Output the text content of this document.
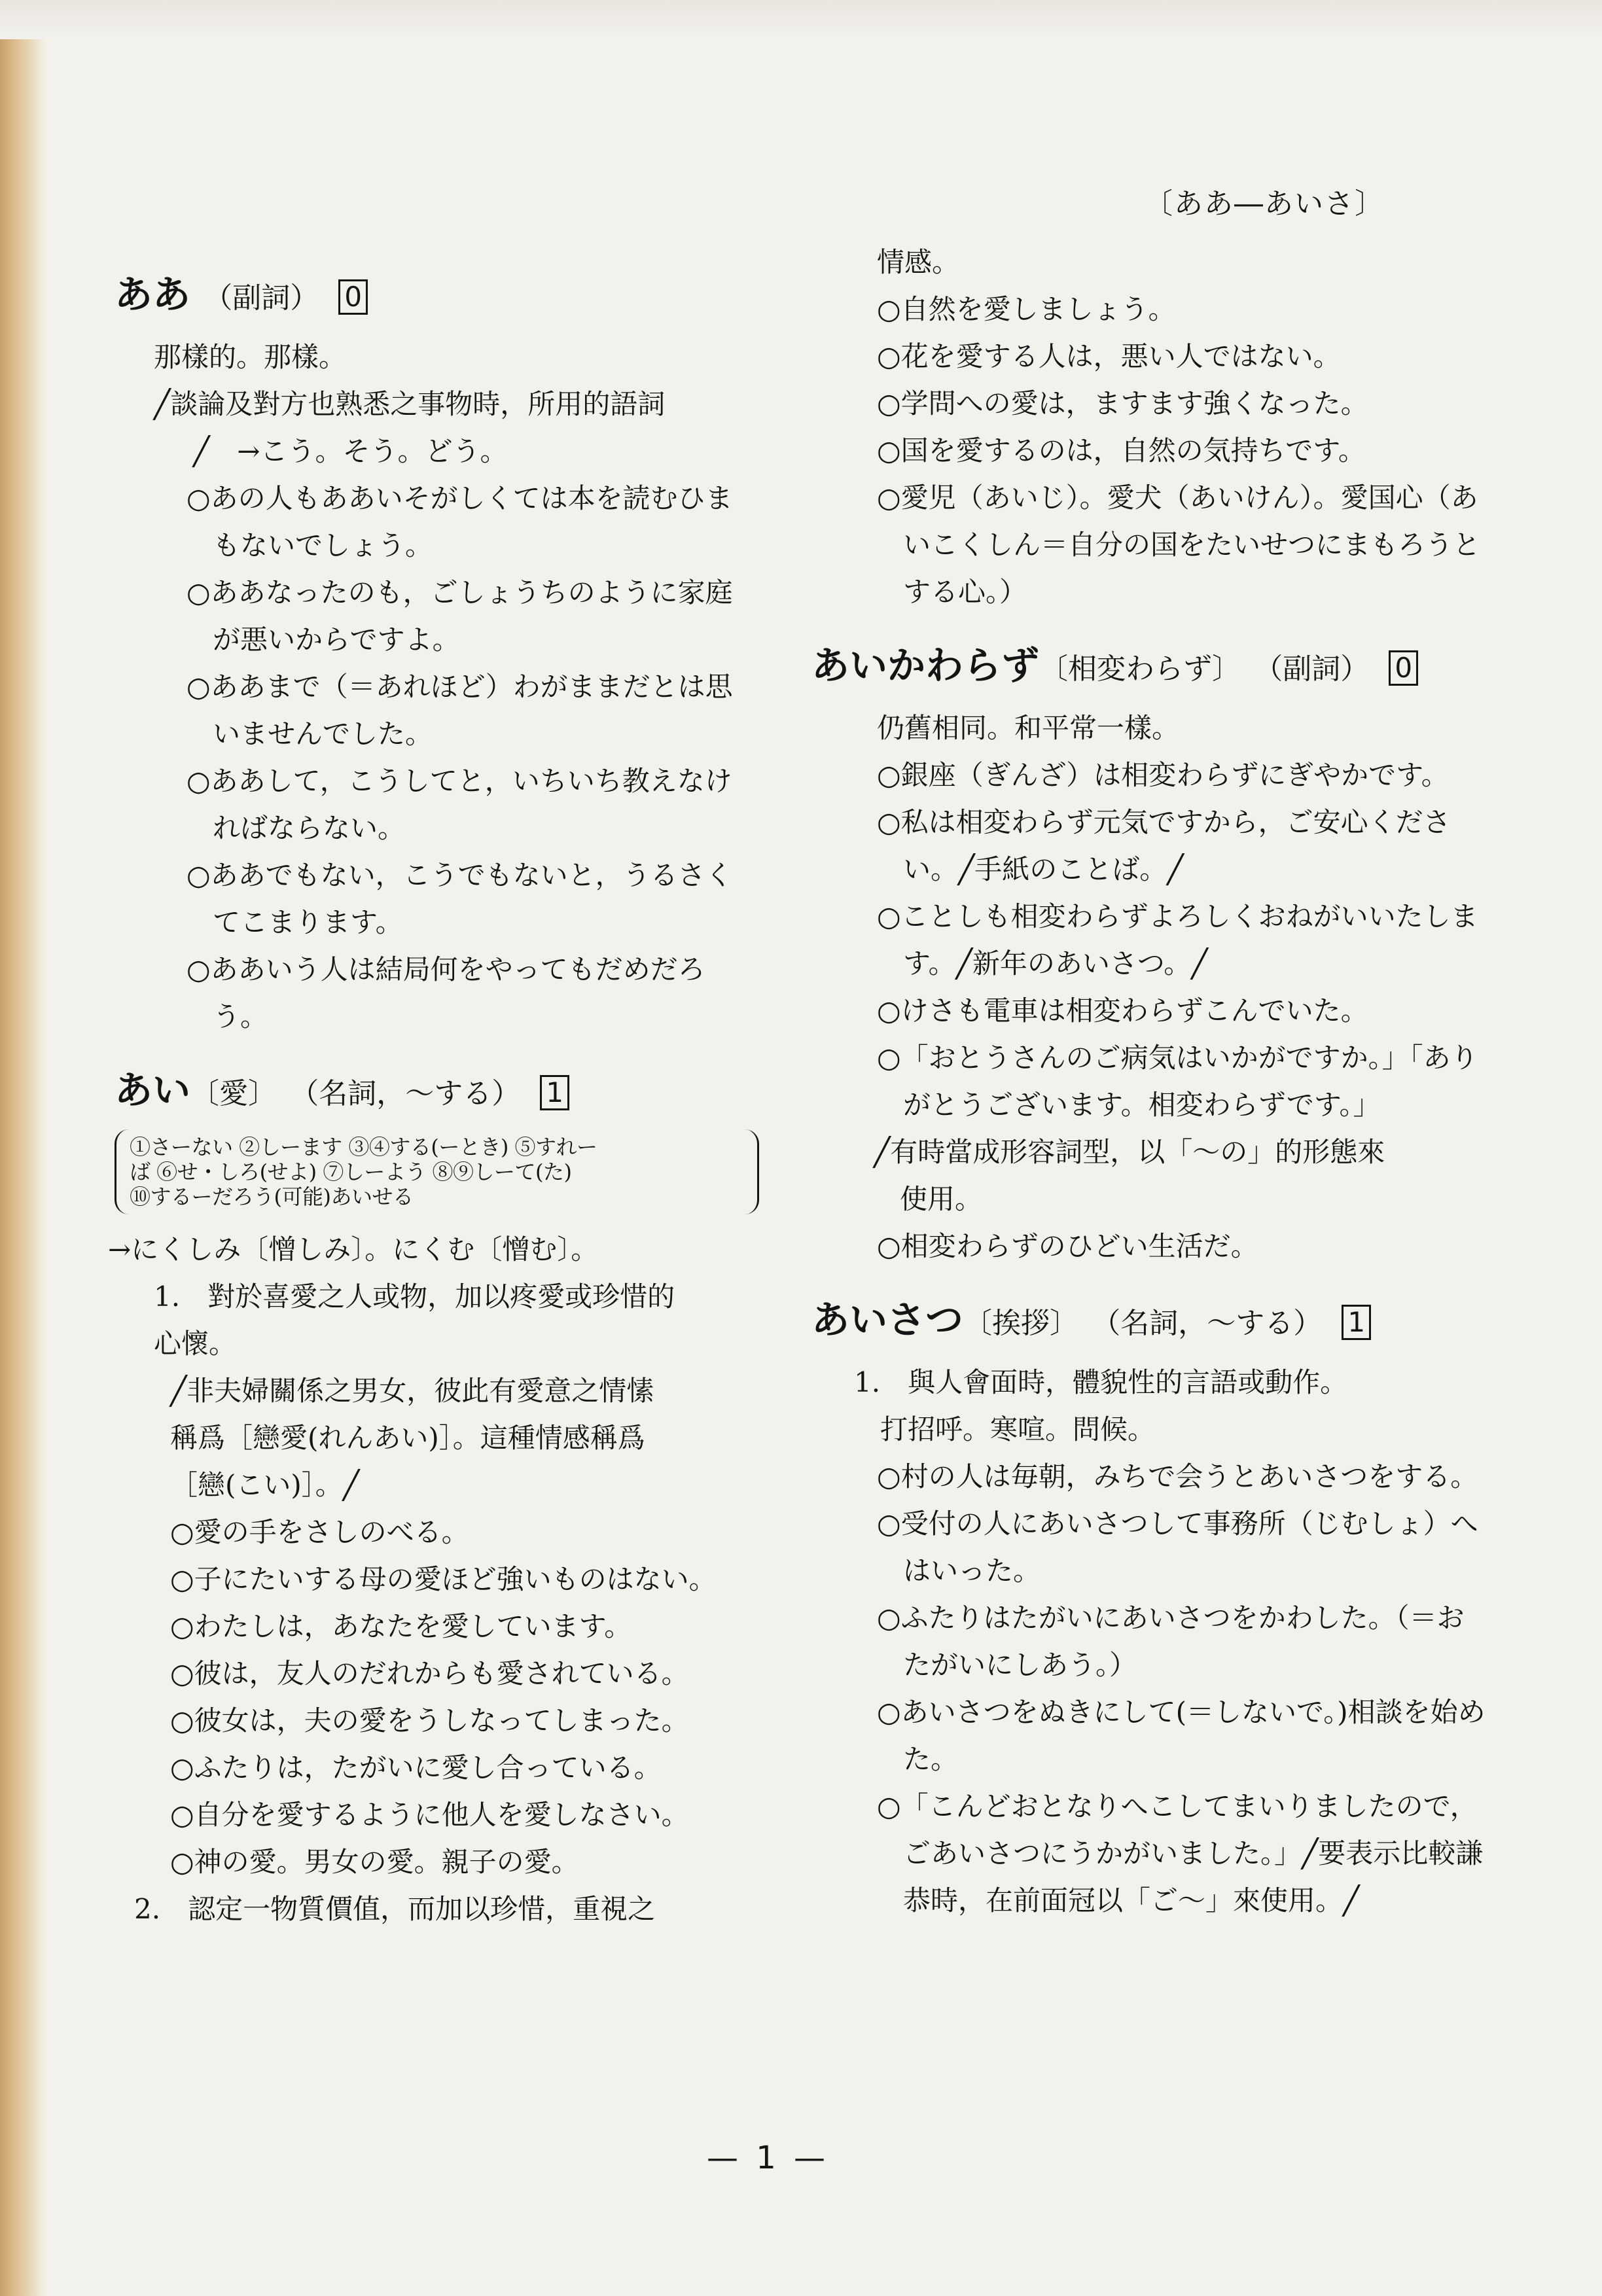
〔ああ―あいさ〕
ああ （副詞） 0
那樣的。那樣。
╱談論及對方也熟悉之事物時，所用的語詞
╱　→こう。そう。どう。
○あの人もああいそがしくては本を読むひまもないでしょう。
○ああなったのも，ごしょうちのように家庭が悪いからですよ。
○ああまで（＝あれほど）わがままだとは思いませんでした。
○ああして，こうしてと，いちいち教えなければならない。
○ああでもない，こうでもないと，うるさくてこまります。
○ああいう人は結局何をやってもだめだろう。
あい〔愛〕 （名詞，～する） 1
①さーない ②しーます ③④する(ーとき) ⑤すれー
ば ⑥せ・しろ(せよ) ⑦しーよう ⑧⑨しーて(た)
⑩するーだろう(可能)あいせる
→にくしみ〔憎しみ〕。にくむ〔憎む〕。
1.　對於喜愛之人或物，加以疼愛或珍惜的
心懷。
╱非夫婦關係之男女，彼此有愛意之情愫
稱爲［戀愛(れんあい)］。這種情感稱爲
［戀(こい)］。╱
○愛の手をさしのべる。
○子にたいする母の愛ほど強いものはない。
○わたしは，あなたを愛しています。
○彼は，友人のだれからも愛されている。
○彼女は，夫の愛をうしなってしまった。
○ふたりは，たがいに愛し合っている。
○自分を愛するように他人を愛しなさい。
○神の愛。男女の愛。親子の愛。
2.　認定一物質價值，而加以珍惜，重視之
情感。
○自然を愛しましょう。
○花を愛する人は，悪い人ではない。
○学問への愛は，ますます強くなった。
○国を愛するのは，自然の気持ちです。
○愛児（あいじ）。愛犬（あいけん）。愛国心（あいこくしん＝自分の国をたいせつにまもろうとする心。）
あいかわらず〔相変わらず〕 （副詞） 0
仍舊相同。和平常一樣。
○銀座（ぎんざ）は相変わらずにぎやかです。
○私は相変わらず元気ですから，ご安心ください。╱手紙のことば。╱
○ことしも相変わらずよろしくおねがいいたします。╱新年のあいさつ。╱
○けさも電車は相変わらずこんでいた。
○「おとうさんのご病気はいかがですか。」「ありがとうございます。相変わらずです。」
╱有時當成形容詞型，以「～の」的形態來
使用。
○相変わらずのひどい生活だ。
あいさつ〔挨拶〕 （名詞，～する） 1
1.　與人會面時，體貌性的言語或動作。
打招呼。寒喧。問候。
○村の人は毎朝，みちで会うとあいさつをする。
○受付の人にあいさつして事務所（じむしょ）へはいった。
○ふたりはたがいにあいさつをかわした。（＝おたがいにしあう。）
○あいさつをぬきにして(＝しないで。)相談を始めた。
○「こんどおとなりへこしてまいりましたので，ごあいさつにうかがいました。」╱要表示比較謙恭時，在前面冠以「ご～」來使用。╱
— 1 —
